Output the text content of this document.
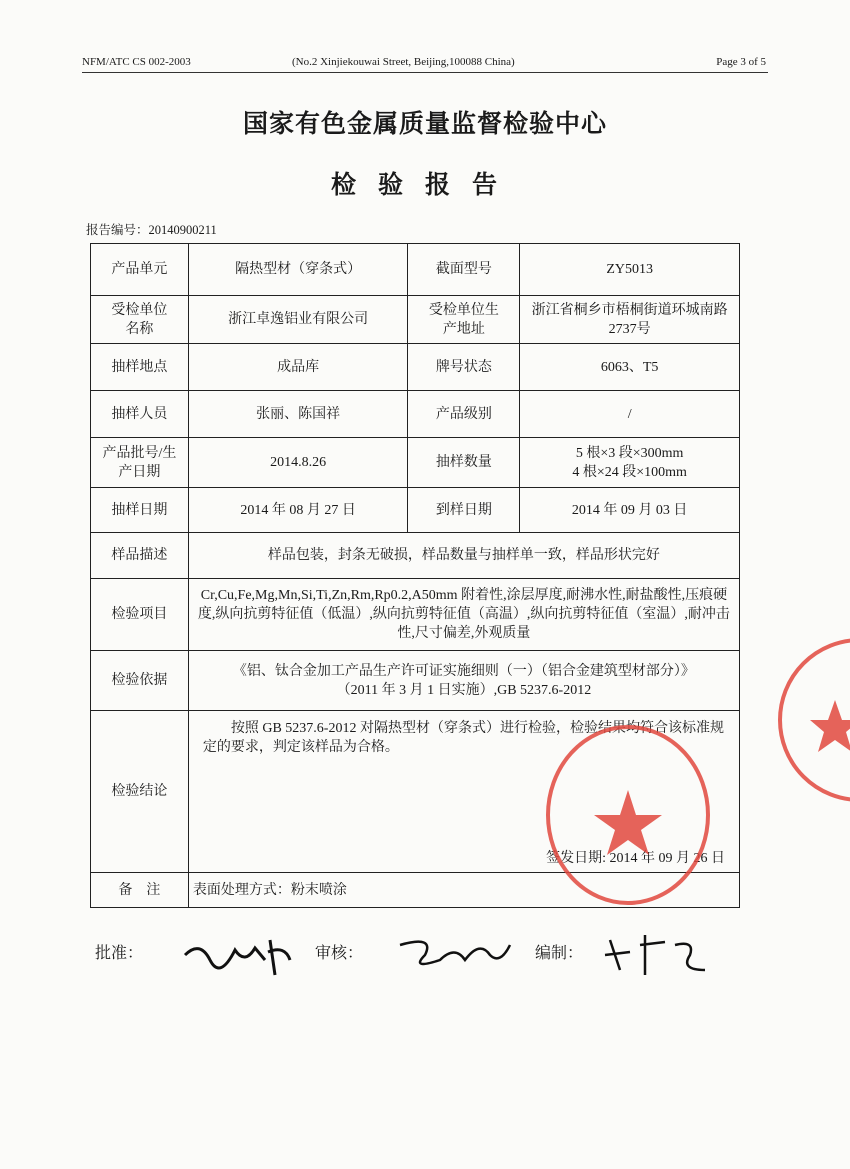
NFM/ATC CS 002-2003	(No.2 Xinjiekouwai Street, Beijing,100088 China)	Page 3 of 5
国家有色金属质量监督检验中心
检验报告
报告编号：20140900211
产品单元	隔热型材（穿条式）	截面型号	ZY5013
受检单位名称	浙江卓逸铝业有限公司	受检单位生产地址	浙江省桐乡市梧桐街道环城南路2737号
抽样地点	成品库	牌号状态	6063、T5
抽样人员	张丽、陈国祥	产品级别	/
产品批号/生产日期	2014.8.26	抽样数量	5 根×3 段×300mm
4 根×24 段×100mm

抽样日期	2014 年 08 月 27 日	到样日期	2014 年 09 月 03 日
样品描述	样品包装，封条无破损，样品数量与抽样单一致，样品形状完好		
检验项目	Cr,Cu,Fe,Mg,Mn,Si,Ti,Zn,Rm,Rp0.2,A50mm 附着性,涂层厚度,耐沸水性,耐盐酸性,压痕硬度,纵向抗剪特征值（低温）,纵向抗剪特征值（高温）,纵向抗剪特征值（室温）,耐冲击性,尺寸偏差,外观质量		
检验依据	《铝、钛合金加工产品生产许可证实施细则（一）（铝合金建筑型材部分）》
（2011 年 3 月 1 日实施）,GB 5237.6-2012		

检验结论	按照 GB 5237.6-2012 对隔热型材（穿条式）进行检验，检验结果均符合该标准规定的要求，判定该样品为合格。
签发日期: 2014 年 09 月 26 日		

备　注	表面处理方式：粉末喷涂		
批准：	审核：	编制：
